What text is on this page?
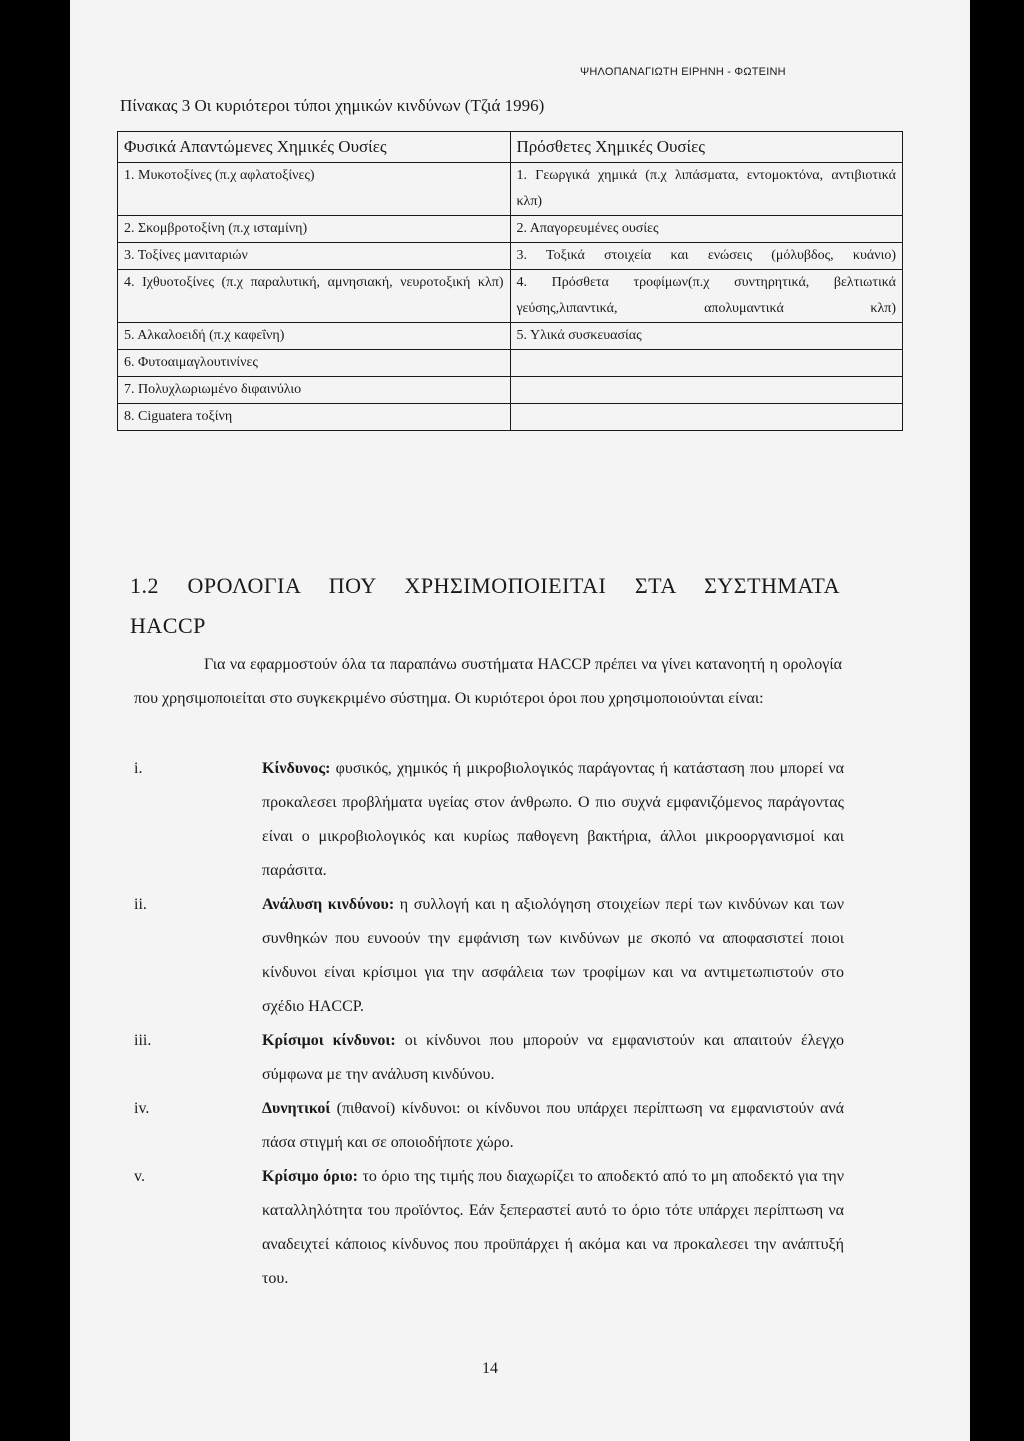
ΨΗΛΟΠΑΝΑΓΙΩΤΗ ΕΙΡΗΝΗ - ΦΩΤΕΙΝΗ
Πίνακας 3 Οι κυριότεροι τύποι χημικών κινδύνων (Τζιά 1996)
Φυσικά Απαντώμενες Χημικές Ουσίες	Πρόσθετες Χημικές Ουσίες
1. Μυκοτοξίνες (π.χ αφλατοξίνες)	1. Γεωργικά χημικά (π.χ λιπάσματα, εντομοκτόνα, αντιβιοτικά κλπ)
2. Σκομβροτοξίνη (π.χ ισταμίνη)	2. Απαγορευμένες ουσίες
3. Τοξίνες μανιταριών	3. Τοξικά στοιχεία και ενώσεις (μόλυβδος, κυάνιο)
4. Ιχθυοτοξίνες (π.χ παραλυτική, αμνησιακή, νευροτοξική κλπ)	4. Πρόσθετα τροφίμων(π.χ συντηρητικά, βελτιωτικά γεύσης,λιπαντικά, απολυμαντικά κλπ)
5. Αλκαλοειδή (π.χ καφεΐνη)	5. Υλικά συσκευασίας
6. Φυτοαιμαγλουτινίνες	
7. Πολυχλωριωμένο διφαινύλιο	
8. Ciguatera τοξίνη	
1.2 ΟΡΟΛΟΓΙΑ ΠΟΥ ΧΡΗΣΙΜΟΠΟΙΕΙΤΑΙ ΣΤΑ ΣΥΣΤΗΜΑΤΑ
HACCP
Για να εφαρμοστούν όλα τα παραπάνω συστήματα HACCP πρέπει να γίνει κατανοητή η ορολογία που χρησιμοποιείται στο συγκεκριμένο σύστημα. Οι κυριότεροι όροι που χρησιμοποιούνται είναι:
i.	Κίνδυνος: φυσικός, χημικός ή μικροβιολογικός παράγοντας ή κατάσταση που μπορεί να προκαλεσει προβλήματα υγείας στον άνθρωπο. Ο πιο συχνά εμφανιζόμενος παράγοντας είναι ο μικροβιολογικός και κυρίως παθογενη βακτήρια, άλλοι μικροοργανισμοί και παράσιτα.
ii.	Ανάλυση κινδύνου: η συλλογή και η αξιολόγηση στοιχείων περί των κινδύνων και των συνθηκών που ευνοούν την εμφάνιση των κινδύνων με σκοπό να αποφασιστεί ποιοι κίνδυνοι είναι κρίσιμοι για την ασφάλεια των τροφίμων και να αντιμετωπιστούν στο σχέδιο HACCP.
iii.	Κρίσιμοι κίνδυνοι: οι κίνδυνοι που μπορούν να εμφανιστούν και απαιτούν έλεγχο σύμφωνα με την ανάλυση κινδύνου.
iv.	Δυνητικοί (πιθανοί) κίνδυνοι: οι κίνδυνοι που υπάρχει περίπτωση να εμφανιστούν ανά πάσα στιγμή και σε οποιοδήποτε χώρο.
v.	Κρίσιμο όριο: το όριο της τιμής που διαχωρίζει το αποδεκτό από το μη αποδεκτό για την καταλληλότητα του προϊόντος. Εάν ξεπεραστεί αυτό το όριο τότε υπάρχει περίπτωση να αναδειχτεί κάποιος κίνδυνος που προϋπάρχει ή ακόμα και να προκαλεσει την ανάπτυξή του.
14
